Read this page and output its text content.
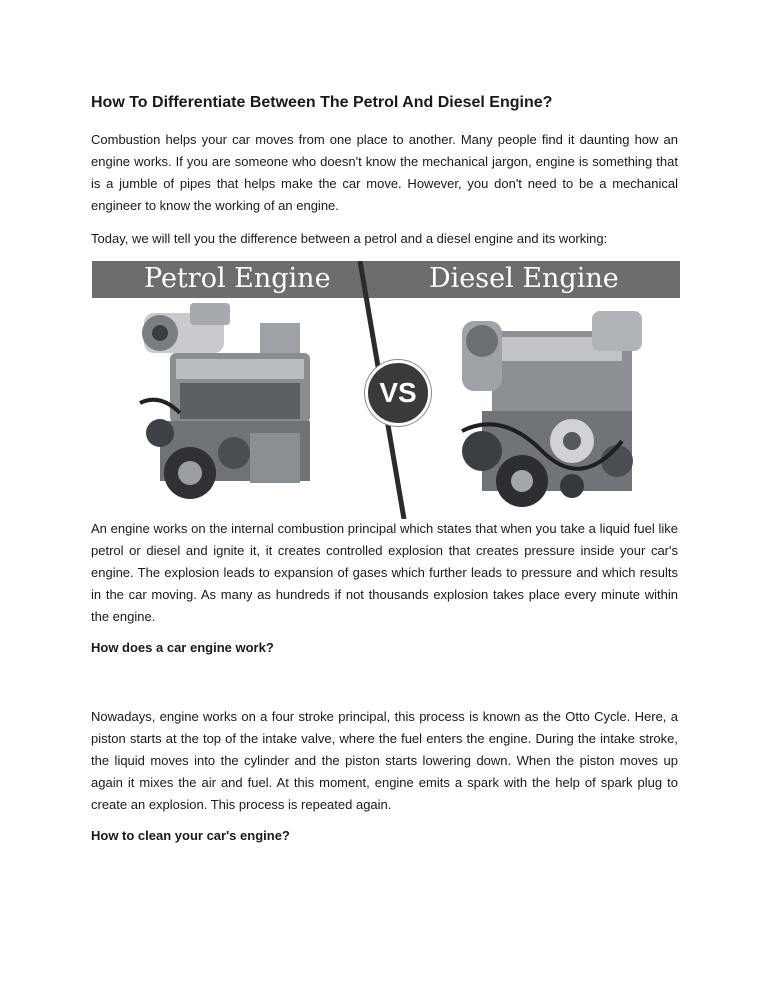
How To Differentiate Between The Petrol And Diesel Engine?

Combustion helps your car moves from one place to another. Many people find it daunting how an engine works. If you are someone who doesn't know the mechanical jargon, engine is something that is a jumble of pipes that helps make the car move. However, you don't need to be a mechanical engineer to know the working of an engine.

Today, we will tell you the difference between a petrol and a diesel engine and its working:

Petrol Engine	Diesel Engine
VS

An engine works on the internal combustion principal which states that when you take a liquid fuel like petrol or diesel and ignite it, it creates controlled explosion that creates pressure inside your car's engine. The explosion leads to expansion of gases which further leads to pressure and which results in the car moving. As many as hundreds if not thousands explosion takes place every minute within the engine.

How does a car engine work?

Nowadays, engine works on a four stroke principal, this process is known as the Otto Cycle. Here, a piston starts at the top of the intake valve, where the fuel enters the engine. During the intake stroke, the liquid moves into the cylinder and the piston starts lowering down. When the piston moves up again it mixes the air and fuel. At this moment, engine emits a spark with the help of spark plug to create an explosion. This process is repeated again.

How to clean your car's engine?
